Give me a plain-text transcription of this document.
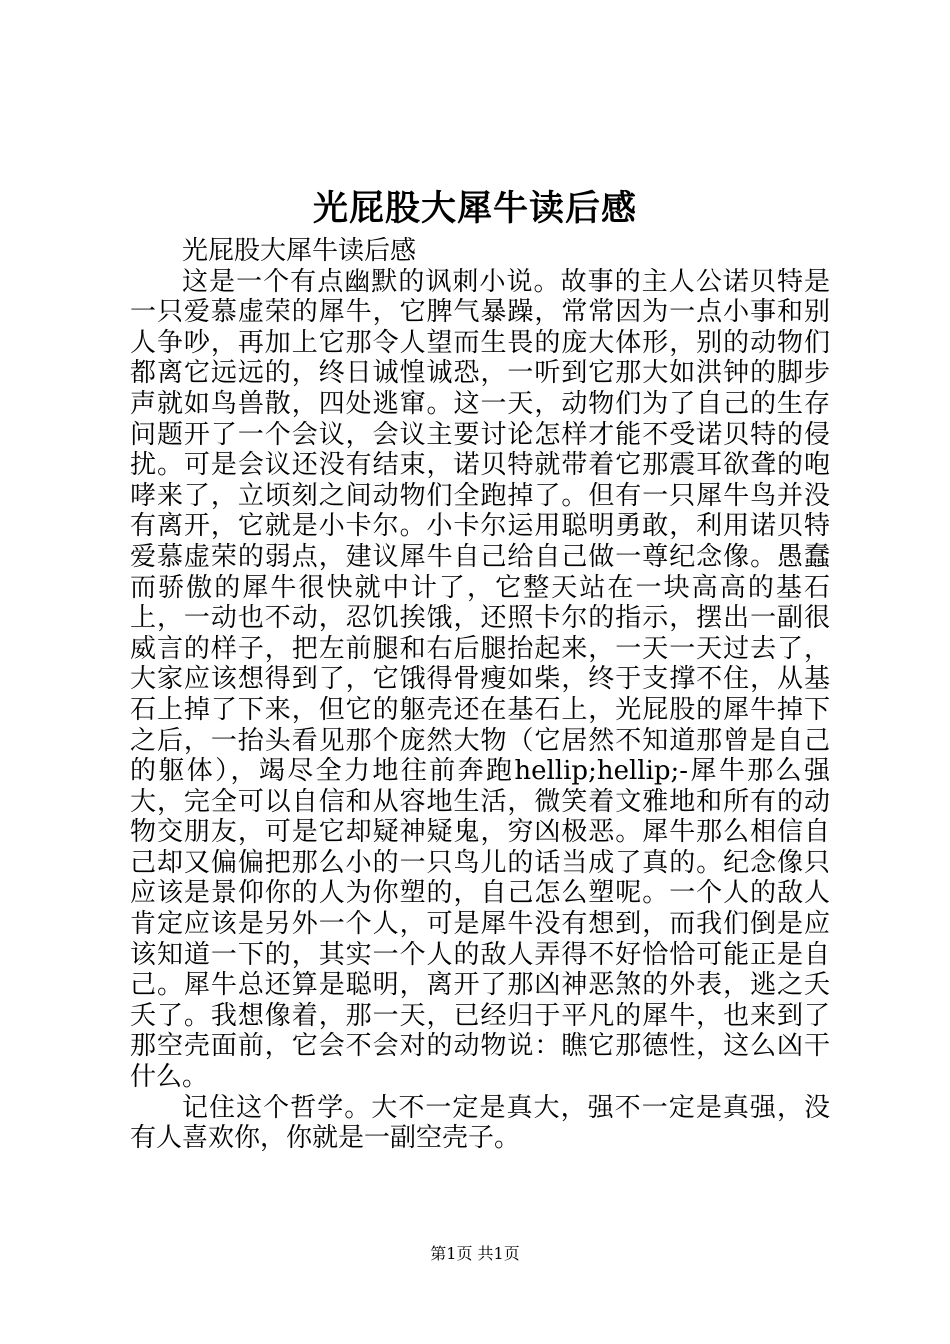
光屁股大犀牛读后感

光屁股大犀牛读后感

这是一个有点幽默的讽刺小说。故事的主人公诺贝特是一只爱慕虚荣的犀牛，它脾气暴躁，常常因为一点小事和别人争吵，再加上它那令人望而生畏的庞大体形，别的动物们都离它远远的，终日诚惶诚恐，一听到它那大如洪钟的脚步声就如鸟兽散，四处逃窜。这一天，动物们为了自己的生存问题开了一个会议，会议主要讨论怎样才能不受诺贝特的侵扰。可是会议还没有结束，诺贝特就带着它那震耳欲聋的咆哮来了，立顷刻之间动物们全跑掉了。但有一只犀牛鸟并没有离开，它就是小卡尔。小卡尔运用聪明勇敢，利用诺贝特爱慕虚荣的弱点，建议犀牛自己给自己做一尊纪念像。愚蠢而骄傲的犀牛很快就中计了，它整天站在一块高高的基石上，一动也不动，忍饥挨饿，还照卡尔的指示，摆出一副很威言的样子，把左前腿和右后腿抬起来，一天一天过去了，大家应该想得到了，它饿得骨瘦如柴，终于支撑不住，从基石上掉了下来，但它的躯壳还在基石上，光屁股的犀牛掉下之后，一抬头看见那个庞然大物（它居然不知道那曾是自己的躯体），竭尽全力地往前奔跑hellip;hellip;-犀牛那么强大，完全可以自信和从容地生活，微笑着文雅地和所有的动物交朋友，可是它却疑神疑鬼，穷凶极恶。犀牛那么相信自己却又偏偏把那么小的一只鸟儿的话当成了真的。纪念像只应该是景仰你的人为你塑的，自己怎么塑呢。一个人的敌人肯定应该是另外一个人，可是犀牛没有想到，而我们倒是应该知道一下的，其实一个人的敌人弄得不好恰恰可能正是自己。犀牛总还算是聪明，离开了那凶神恶煞的外表，逃之夭夭了。我想像着，那一天，已经归于平凡的犀牛，也来到了那空壳面前，它会不会对的动物说：瞧它那德性，这么凶干什么。

记住这个哲学。大不一定是真大，强不一定是真强，没有人喜欢你，你就是一副空壳子。

第1页 共1页
